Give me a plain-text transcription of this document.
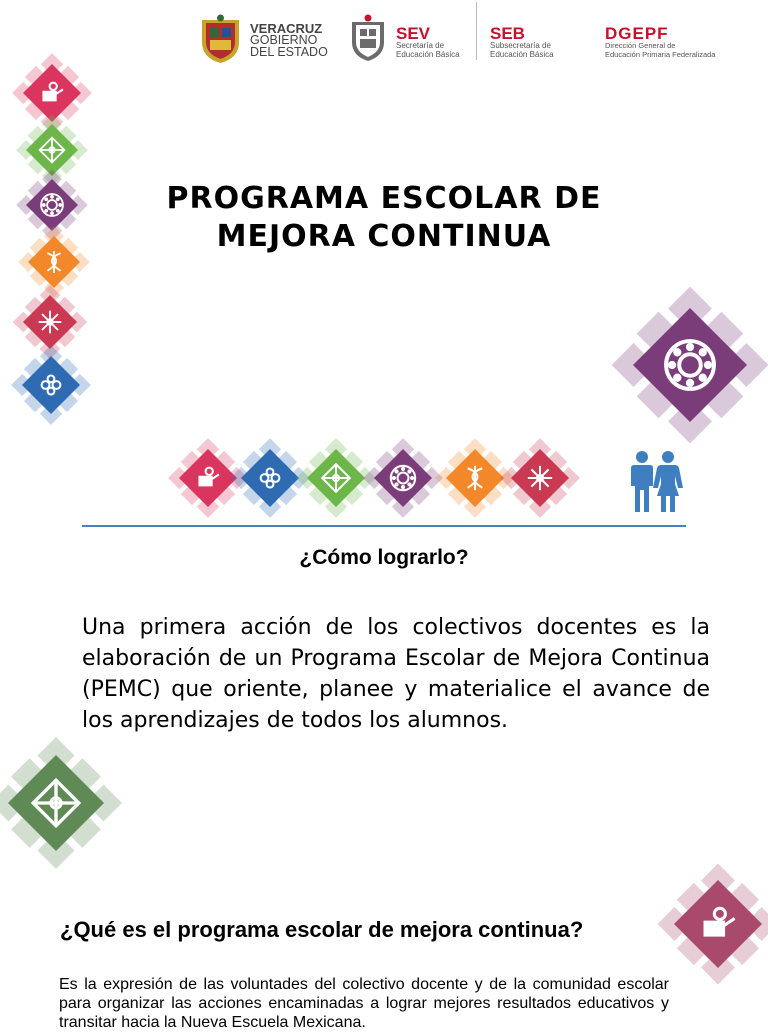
VERACRUZ
GOBIERNO
DEL ESTADO
SEV
Secretaría de
Educación Básica
SEB
Subsecretaría de
Educación Básica
DGEPF
Dirección General de
Educación Primaria Federalizada
PROGRAMA ESCOLAR DE
MEJORA CONTINUA
¿Cómo lograrlo?
Una primera acción de los colectivos docentes es la elaboración de un Programa Escolar de Mejora Continua (PEMC) que oriente, planee y materialice el avance de los aprendizajes de todos los alumnos.
¿Qué es el programa escolar de mejora continua?
Es la expresión de las voluntades del colectivo docente y de la comunidad escolar para organizar las acciones encaminadas a lograr mejores resultados educativos y transitar hacia la Nueva Escuela Mexicana.
